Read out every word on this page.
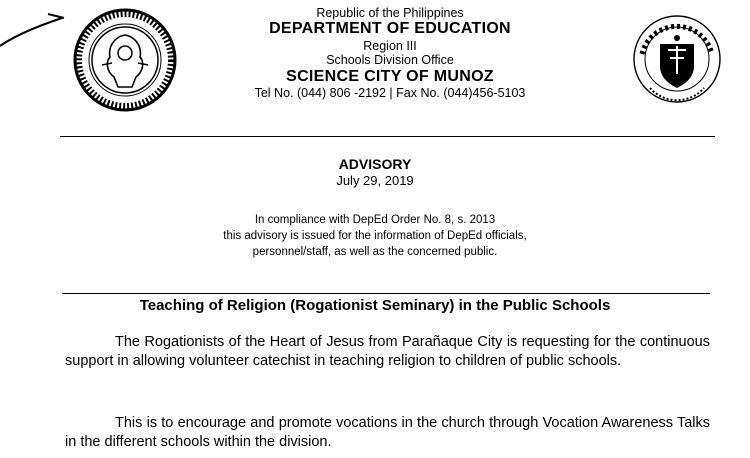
Republic of the Philippines
DEPARTMENT OF EDUCATION
Region III
Schools Division Office
SCIENCE CITY OF MUNOZ
Tel No. (044) 806 -2192 | Fax No. (044)456-5103
ADVISORY
July 29, 2019
In compliance with DepEd Order No. 8, s. 2013
this advisory is issued for the information of DepEd officials,
personnel/staff, as well as the concerned public.
Teaching of Religion (Rogationist Seminary) in the Public Schools
The Rogationists of the Heart of Jesus from Parañaque City is requesting for the continuous support in allowing volunteer catechist in teaching religion to children of public schools.
This is to encourage and promote vocations in the church through Vocation Awareness Talks in the different schools within the division.
